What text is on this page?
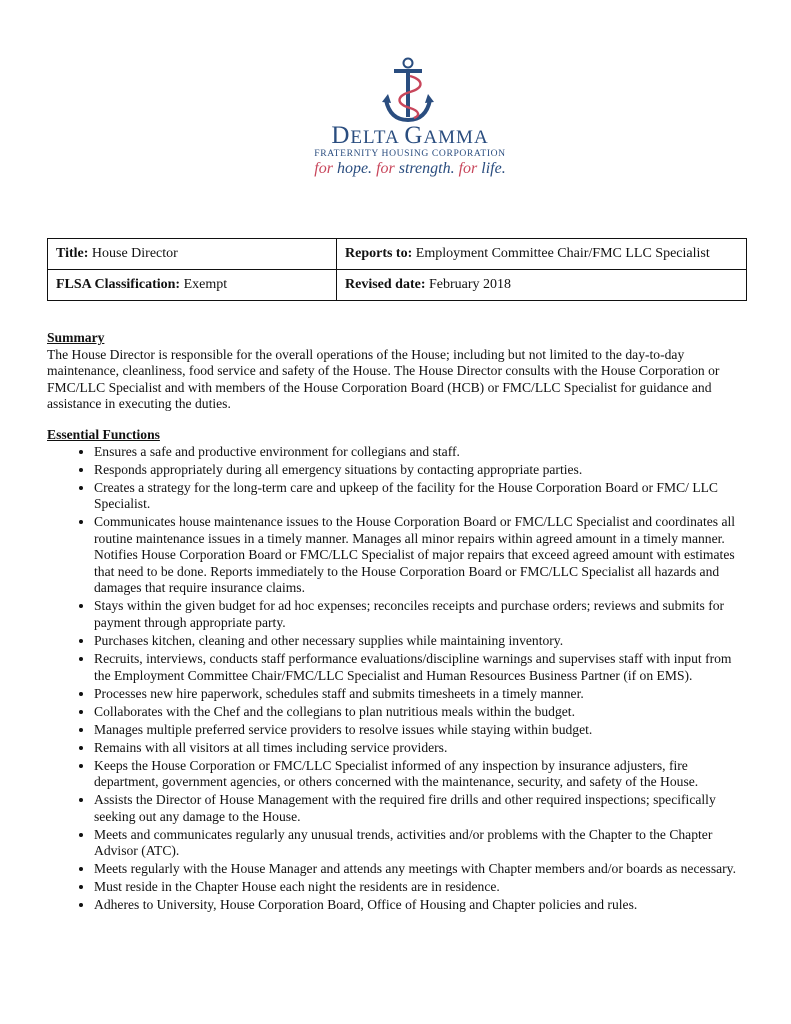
DELTA GAMMA
FRATERNITY HOUSING CORPORATION
for hope. for strength. for life.
Title: House Director	Reports to: Employment Committee Chair/FMC LLC Specialist
FLSA Classification: Exempt	Revised date: February 2018

Summary

The House Director is responsible for the overall operations of the House; including but not limited to the day-to-day maintenance, cleanliness, food service and safety of the House. The House Director consults with the House Corporation or FMC/LLC Specialist and with members of the House Corporation Board (HCB) or FMC/LLC Specialist for guidance and assistance in executing the duties.

Essential Functions

• Ensures a safe and productive environment for collegians and staff.
• Responds appropriately during all emergency situations by contacting appropriate parties.
• Creates a strategy for the long-term care and upkeep of the facility for the House Corporation Board or FMC/ LLC Specialist.
• Communicates house maintenance issues to the House Corporation Board or FMC/LLC Specialist and coordinates all routine maintenance issues in a timely manner. Manages all minor repairs within agreed amount in a timely manner. Notifies House Corporation Board or FMC/LLC Specialist of major repairs that exceed agreed amount with estimates that need to be done. Reports immediately to the House Corporation Board or FMC/LLC Specialist all hazards and damages that require insurance claims.
• Stays within the given budget for ad hoc expenses; reconciles receipts and purchase orders; reviews and submits for payment through appropriate party.
• Purchases kitchen, cleaning and other necessary supplies while maintaining inventory.
• Recruits, interviews, conducts staff performance evaluations/discipline warnings and supervises staff with input from the Employment Committee Chair/FMC/LLC Specialist and Human Resources Business Partner (if on EMS).
• Processes new hire paperwork, schedules staff and submits timesheets in a timely manner.
• Collaborates with the Chef and the collegians to plan nutritious meals within the budget.
• Manages multiple preferred service providers to resolve issues while staying within budget.
• Remains with all visitors at all times including service providers.
• Keeps the House Corporation or FMC/LLC Specialist informed of any inspection by insurance adjusters, fire department, government agencies, or others concerned with the maintenance, security, and safety of the House.
• Assists the Director of House Management with the required fire drills and other required inspections; specifically seeking out any damage to the House.
• Meets and communicates regularly any unusual trends, activities and/or problems with the Chapter to the Chapter Advisor (ATC).
• Meets regularly with the House Manager and attends any meetings with Chapter members and/or boards as necessary.
• Must reside in the Chapter House each night the residents are in residence.
• Adheres to University, House Corporation Board, Office of Housing and Chapter policies and rules.
